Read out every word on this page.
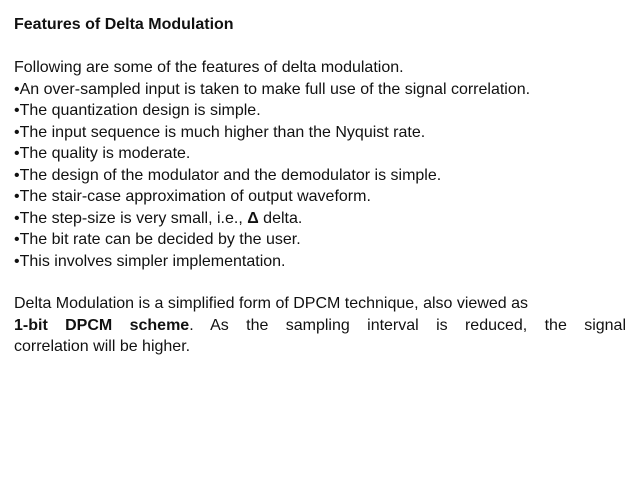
Features of Delta Modulation

Following are some of the features of delta modulation.
•An over-sampled input is taken to make full use of the signal correlation.
•The quantization design is simple.
•The input sequence is much higher than the Nyquist rate.
•The quality is moderate.
•The design of the modulator and the demodulator is simple.
•The stair-case approximation of output waveform.
•The step-size is very small, i.e., Δ delta.
•The bit rate can be decided by the user.
•This involves simpler implementation.
Delta Modulation is a simplified form of DPCM technique, also viewed as
1-bit DPCM scheme. As the sampling interval is reduced, the signal
correlation will be higher.
